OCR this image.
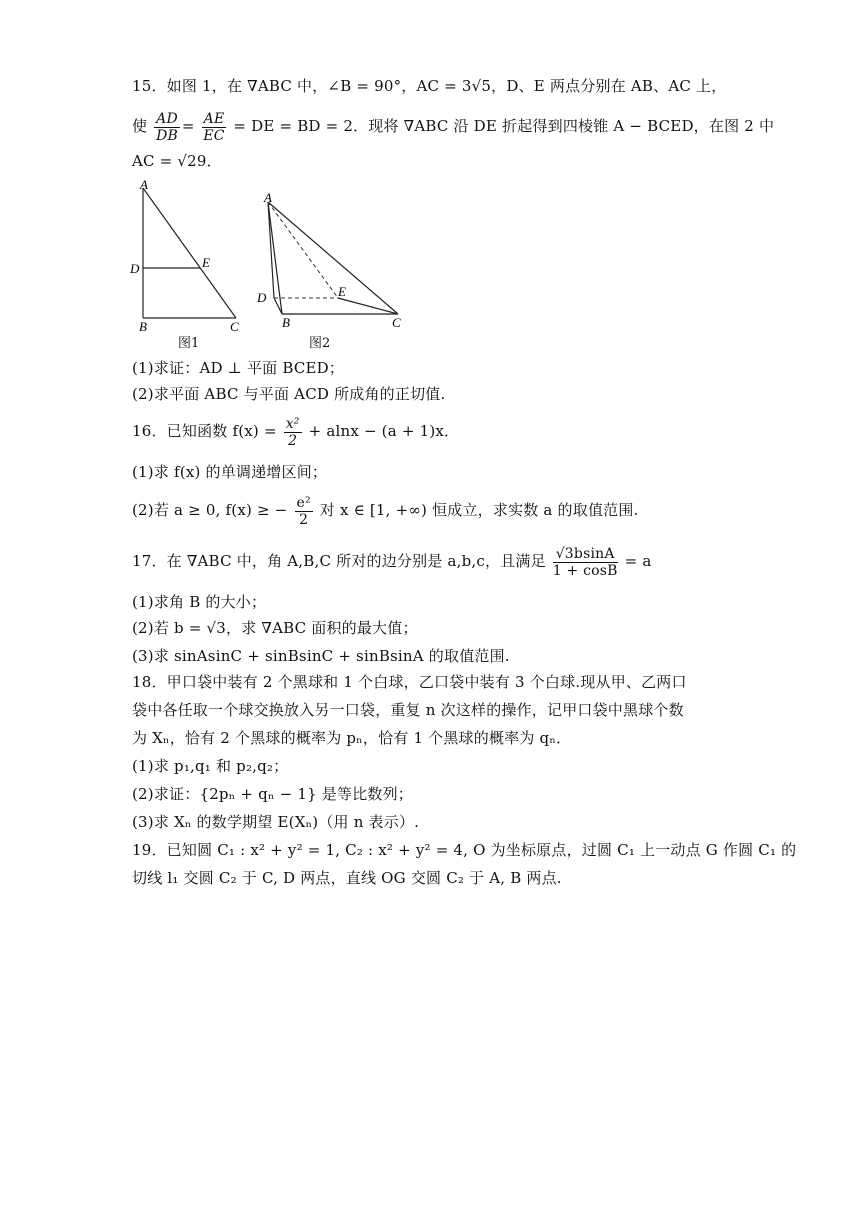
15．如图 1，在 ∇ABC 中，∠B = 90°，AC = 3√5，D、E 两点分别在 AB、AC 上，
使 $\frac{AD}{DB} = \frac{AE}{EC}$ = DE = BD = 2．现将 ∇ABC 沿 DE 折起得到四棱锥 A − BCED，在图 2 中
AC = √29．
A
D	E
B	C
图1
A
D	E
B	C
图2
(1)求证：AD ⊥ 平面 BCED；
(2)求平面 ABC 与平面 ACD 所成角的正切值.
16．已知函数 $f(x) = \frac{\text{x²}}{2} + alnx - (a + 1)x$．
(1)求 f(x) 的单调递增区间；
(2)若 a ≥ 0, f(x) ≥ − $\frac{\text{e²}}{2}$ 对 x ∈ [1, +∞) 恒成立，求实数 a 的取值范围.
17．在 ∇ABC 中，角 A,B,C 所对的边分别是 a,b,c，且满足 $\frac{√3bsinA}{1 + \cos B} = a$
(1)求角 B 的大小；
(2)若 b = √3，求 ∇ABC 面积的最大值；
(3)求 sinAsinC + sinBsinC + sinBsinA 的取值范围.
18．甲口袋中装有 2 个黑球和 1 个白球，乙口袋中装有 3 个白球.现从甲、乙两口
袋中各任取一个球交换放入另一口袋，重复 n 次这样的操作，记甲口袋中黑球个数
为 Xₙ，恰有 2 个黑球的概率为 pₙ，恰有 1 个黑球的概率为 qₙ．
(1)求 p₁,q₁ 和 p₂,q₂；
(2)求证：{2pₙ + qₙ − 1} 是等比数列；
(3)求 Xₙ 的数学期望 E(Xₙ)（用 n 表示）.
19．已知圆 C₁ : x² + y² = 1, C₂ : x² + y² = 4, O 为坐标原点，过圆 C₁ 上一动点 G 作圆 C₁ 的
切线 l₁ 交圆 C₂ 于 C, D 两点，直线 OG 交圆 C₂ 于 A, B 两点.
